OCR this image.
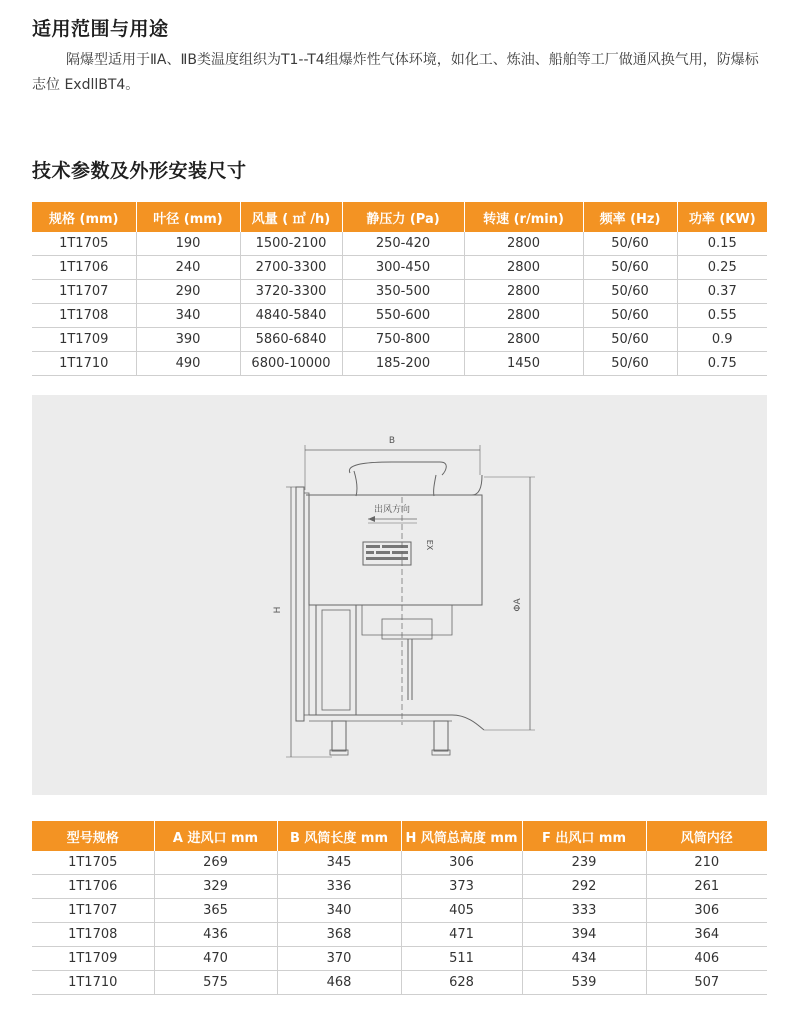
适用范围与用途

隔爆型适用于ⅡA、ⅡB类温度组织为T1--T4组爆炸性气体环境，如化工、炼油、船舶等工厂做通风换气用，防爆标志位 ExdllBT4。

技术参数及外形安装尺寸
规格 (mm)	叶径 (mm)	风量 ( ㎥ /h)	静压力 (Pa)	转速 (r/min)	频率 (Hz)	功率 (KW)
1T1705	190	1500-2100	250-420	2800	50/60	0.15
1T1706	240	2700-3300	300-450	2800	50/60	0.25
1T1707	290	3720-3300	350-500	2800	50/60	0.37
1T1708	340	4840-5840	550-600	2800	50/60	0.55
1T1709	390	5860-6840	750-800	2800	50/60	0.9
1T1710	490	6800-10000	185-200	1450	50/60	0.75
B
H	ΦA
出风方向
EX
型号规格	A 进风口 mm	B 风筒长度 mm	H 风筒总高度 mm	F 出风口 mm	风筒内径
1T1705	269	345	306	239	210
1T1706	329	336	373	292	261
1T1707	365	340	405	333	306
1T1708	436	368	471	394	364
1T1709	470	370	511	434	406
1T1710	575	468	628	539	507
